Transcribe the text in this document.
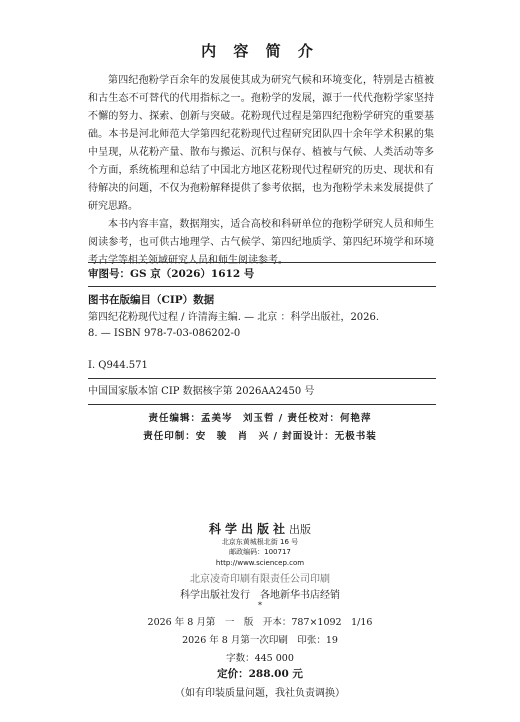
内 容 简 介

第四纪孢粉学百余年的发展使其成为研究气候和环境变化，特别是古植被和古生态不可替代的代用指标之一。孢粉学的发展，源于一代代孢粉学家坚持不懈的努力、探索、创新与突破。花粉现代过程是第四纪孢粉学研究的重要基础。本书是河北师范大学第四纪花粉现代过程研究团队四十余年学术积累的集中呈现，从花粉产量、散布与搬运、沉积与保存、植被与气候、人类活动等多个方面，系统梳理和总结了中国北方地区花粉现代过程研究的历史、现状和有待解决的问题，不仅为孢粉解释提供了参考依据，也为孢粉学未来发展提供了研究思路。

本书内容丰富，数据翔实，适合高校和科研单位的孢粉学研究人员和师生阅读参考，也可供古地理学、古气候学、第四纪地质学、第四纪环境学和环境考古学等相关领域研究人员和师生阅读参考。

审图号：GS 京（2026）1612 号
图书在版编目（CIP）数据
第四纪花粉现代过程 / 许清海主编. — 北京 ：科学出版社，2026.
8. — ISBN 978-7-03-086202-0
Ⅰ. Q944.571
中国国家版本馆 CIP 数据核字第 2026AA2450 号
责任编辑：孟美岑　刘玉哲 / 责任校对：何艳萍
责任印制：安　骏　肖　兴 / 封面设计：无极书装
科学出版社出版
北京东黄城根北街 16 号
邮政编码：100717
http://www.sciencep.com
北京凌奇印刷有限责任公司印刷
科学出版社发行　各地新华书店经销
*
2026 年 8 月第　一　版　开本：787×1092　1/16
2026 年 8 月第一次印刷　印张：19
字数：445 000
定价：288.00 元
（如有印装质量问题，我社负责调换）
